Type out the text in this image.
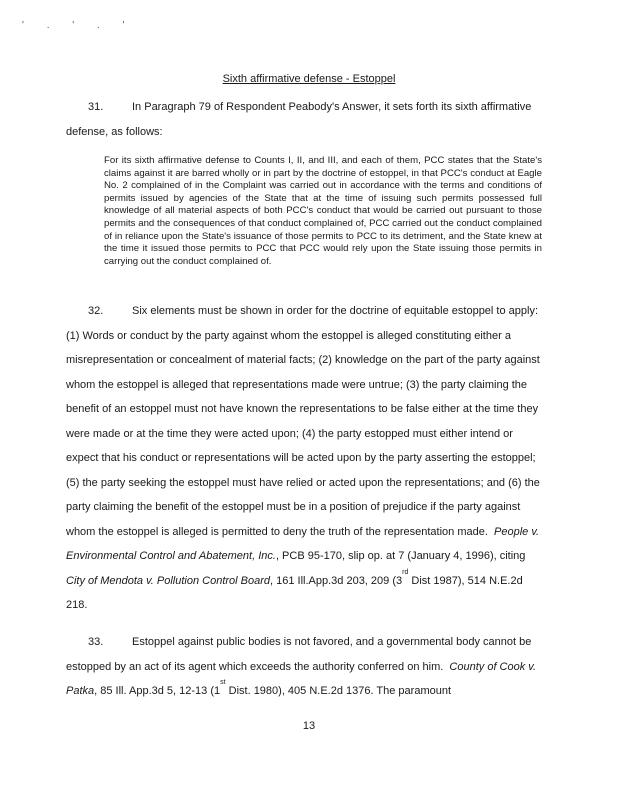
' . ' . '
Sixth affirmative defense - Estoppel

31.	In Paragraph 79 of Respondent Peabody's Answer, it sets forth its sixth affirmative defense, as follows:

For its sixth affirmative defense to Counts I, II, and III, and each of them, PCC states that the State's claims against it are barred wholly or in part by the doctrine of estoppel, in that PCC's conduct at Eagle No. 2 complained of in the Complaint was carried out in accordance with the terms and conditions of permits issued by agencies of the State that at the time of issuing such permits possessed full knowledge of all material aspects of both PCC's conduct that would be carried out pursuant to those permits and the consequences of that conduct complained of, PCC carried out the conduct complained of in reliance upon the State's issuance of those permits to PCC to its detriment, and the State knew at the time it issued those permits to PCC that PCC would rely upon the State issuing those permits in carrying out the conduct complained of.

32.	Six elements must be shown in order for the doctrine of equitable estoppel to apply: (1) Words or conduct by the party against whom the estoppel is alleged constituting either a misrepresentation or concealment of material facts; (2) knowledge on the part of the party against whom the estoppel is alleged that representations made were untrue; (3) the party claiming the benefit of an estoppel must not have known the representations to be false either at the time they were made or at the time they were acted upon; (4) the party estopped must either intend or expect that his conduct or representations will be acted upon by the party asserting the estoppel; (5) the party seeking the estoppel must have relied or acted upon the representations; and (6) the party claiming the benefit of the estoppel must be in a position of prejudice if the party against whom the estoppel is alleged is permitted to deny the truth of the representation made. People v. Environmental Control and Abatement, Inc., PCB 95-170, slip op. at 7 (January 4, 1996), citing City of Mendota v. Pollution Control Board, 161 Ill.App.3d 203, 209 (3rd Dist 1987), 514 N.E.2d 218.

33.	Estoppel against public bodies is not favored, and a governmental body cannot be estopped by an act of its agent which exceeds the authority conferred on him. County of Cook v. Patka, 85 Ill. App.3d 5, 12-13 (1st Dist. 1980), 405 N.E.2d 1376. The paramount

13
